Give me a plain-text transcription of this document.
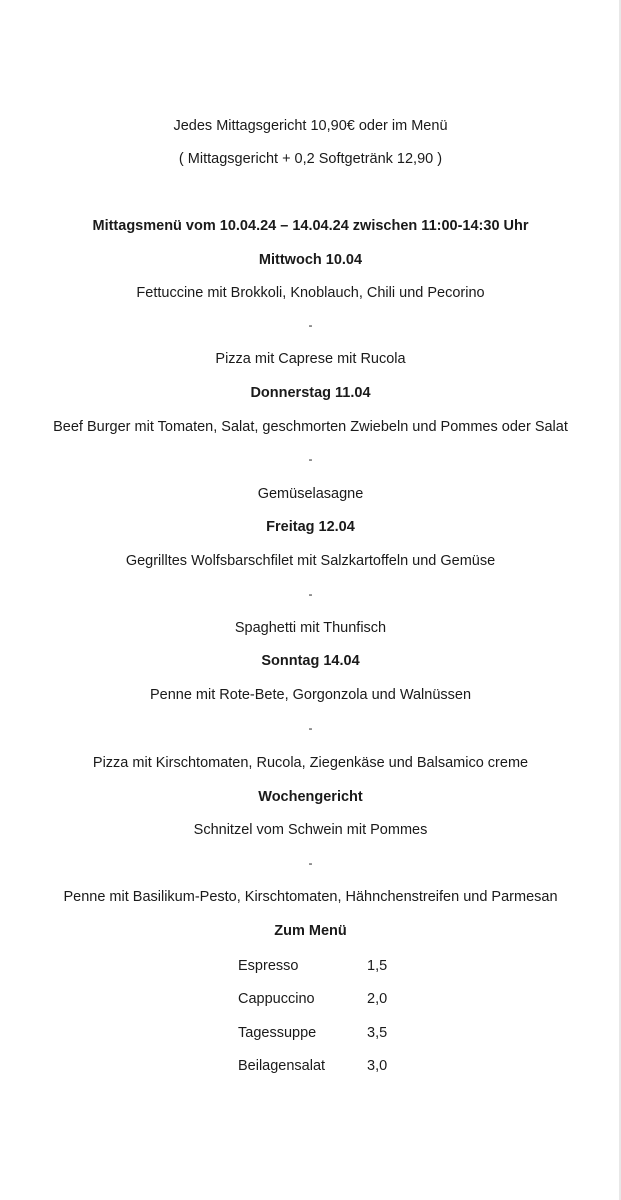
Jedes Mittagsgericht 10,90€ oder im Menü
( Mittagsgericht + 0,2 Softgetränk 12,90 )
Mittagsmenü vom 10.04.24 – 14.04.24 zwischen 11:00-14:30 Uhr
Mittwoch 10.04
Fettuccine mit Brokkoli, Knoblauch, Chili und Pecorino
-
Pizza mit Caprese mit Rucola
Donnerstag 11.04
Beef Burger mit Tomaten, Salat, geschmorten Zwiebeln und Pommes oder Salat
-
Gemüselasagne
Freitag 12.04
Gegrilltes Wolfsbarschfilet mit Salzkartoffeln und Gemüse
-
Spaghetti mit Thunfisch
Sonntag 14.04
Penne mit Rote-Bete, Gorgonzola und Walnüssen
-
Pizza mit Kirschtomaten, Rucola, Ziegenkäse und Balsamico creme
Wochengericht
Schnitzel vom Schwein mit Pommes
-
Penne mit Basilikum-Pesto, Kirschtomaten, Hähnchenstreifen und Parmesan
Zum Menü
Espresso	1,5
Cappuccino	2,0
Tagessuppe	3,5
Beilagensalat	3,0
